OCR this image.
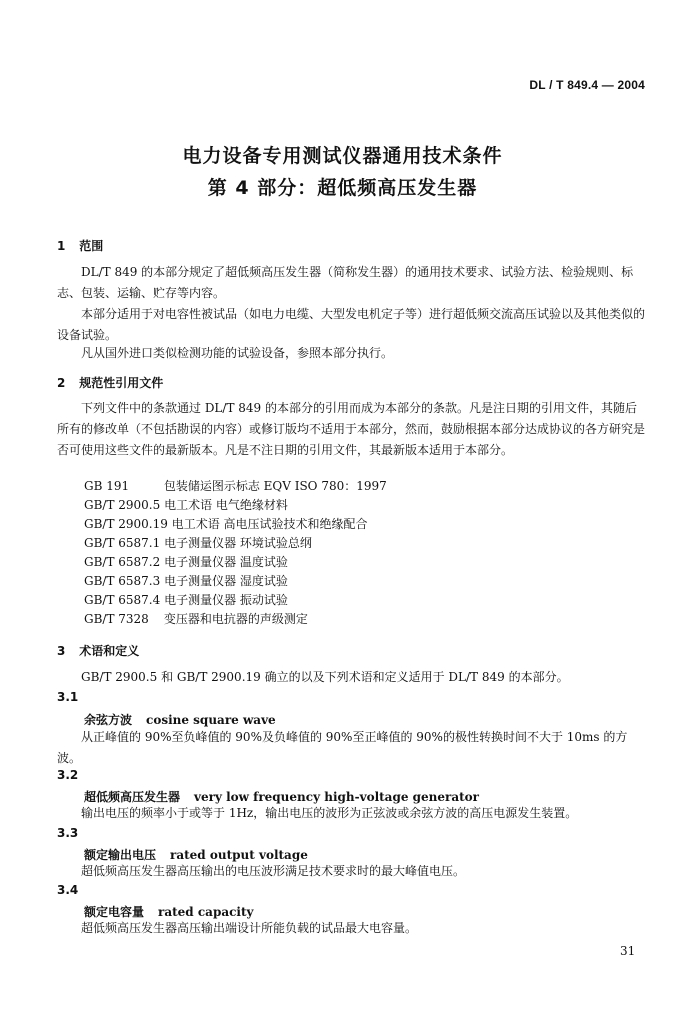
DL / T 849.4 — 2004
电力设备专用测试仪器通用技术条件
第 4 部分：超低频高压发生器
1 范围
DL/T 849 的本部分规定了超低频高压发生器（简称发生器）的通用技术要求、试验方法、检验规则、标志、包装、运输、贮存等内容。
本部分适用于对电容性被试品（如电力电缆、大型发电机定子等）进行超低频交流高压试验以及其他类似的设备试验。
凡从国外进口类似检测功能的试验设备，参照本部分执行。
2 规范性引用文件
下列文件中的条款通过 DL/T 849 的本部分的引用而成为本部分的条款。凡是注日期的引用文件，其随后所有的修改单（不包括勘误的内容）或修订版均不适用于本部分，然而，鼓励根据本部分达成协议的各方研究是否可使用这些文件的最新版本。凡是不注日期的引用文件，其最新版本适用于本部分。
GB 191	包装储运图示标志 EQV ISO 780：1997
GB/T 2900.5 电工术语 电气绝缘材料
GB/T 2900.19 电工术语 高电压试验技术和绝缘配合
GB/T 6587.1 电子测量仪器 环境试验总纲
GB/T 6587.2 电子测量仪器 温度试验
GB/T 6587.3 电子测量仪器 湿度试验
GB/T 6587.4 电子测量仪器 振动试验
GB/T 7328 变压器和电抗器的声级测定
3 术语和定义
GB/T 2900.5 和 GB/T 2900.19 确立的以及下列术语和定义适用于 DL/T 849 的本部分。
3.1
余弦方波 cosine square wave
从正峰值的 90%至负峰值的 90%及负峰值的 90%至正峰值的 90%的极性转换时间不大于 10ms 的方波。
3.2
超低频高压发生器 very low frequency high-voltage generator
输出电压的频率小于或等于 1Hz，输出电压的波形为正弦波或余弦方波的高压电源发生装置。
3.3
额定输出电压 rated output voltage
超低频高压发生器高压输出的电压波形满足技术要求时的最大峰值电压。
3.4
额定电容量 rated capacity
超低频高压发生器高压输出端设计所能负载的试品最大电容量。
31
